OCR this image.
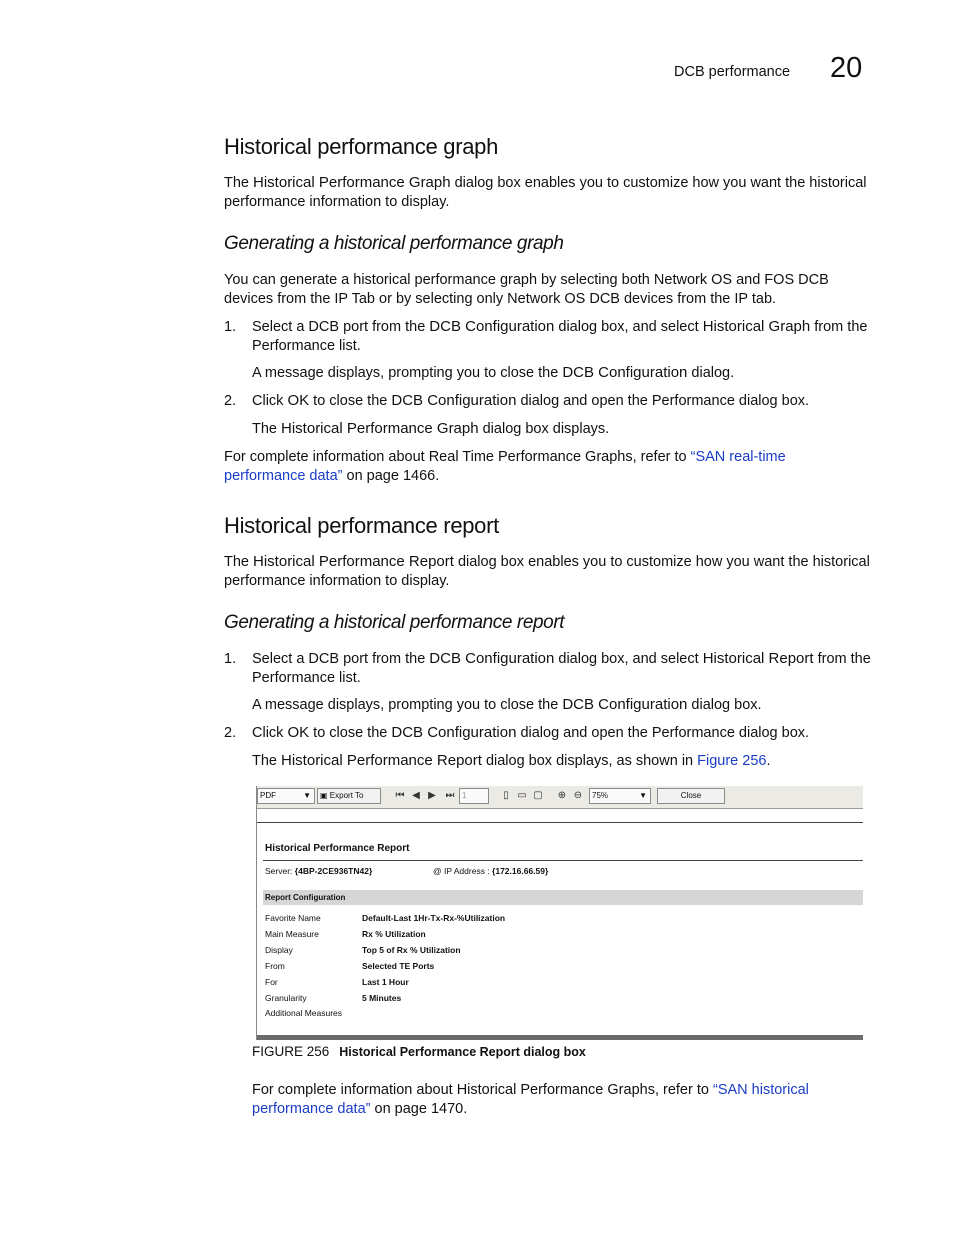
DCB performance 20
Historical performance graph
The Historical Performance Graph dialog box enables you to customize how you want the historical performance information to display.
Generating a historical performance graph
You can generate a historical performance graph by selecting both Network OS and FOS DCB devices from the IP Tab or by selecting only Network OS DCB devices from the IP tab.
1. Select a DCB port from the DCB Configuration dialog box, and select Historical Graph from the Performance list.
A message displays, prompting you to close the DCB Configuration dialog.
2. Click OK to close the DCB Configuration dialog and open the Performance dialog box.
The Historical Performance Graph dialog box displays.
For complete information about Real Time Performance Graphs, refer to “SAN real-time performance data” on page 1466.
Historical performance report
The Historical Performance Report dialog box enables you to customize how you want the historical performance information to display.
Generating a historical performance report
1. Select a DCB port from the DCB Configuration dialog box, and select Historical Report from the Performance list.
A message displays, prompting you to close the DCB Configuration dialog box.
2. Click OK to close the DCB Configuration dialog and open the Performance dialog box.
The Historical Performance Report dialog box displays, as shown in Figure 256.
PDF	▼	▣ Export To	⏮ ◀ ▶ ⏭ 1	▯ ▭ ▢ ⊕ ⊖	75%	▼	Close
Historical Performance Report
Server: {4BP-2CE936TN42}	@ IP Address : {172.16.66.59}
Report Configuration
Favorite Name	Default-Last 1Hr-Tx-Rx-%Utilization
Main Measure	Rx % Utilization
Display	Top 5 of Rx % Utilization
From	Selected TE Ports
For	Last 1 Hour
Granularity	5 Minutes
Additional Measures
FIGURE 256 Historical Performance Report dialog box
For complete information about Historical Performance Graphs, refer to “SAN historical performance data” on page 1470.
